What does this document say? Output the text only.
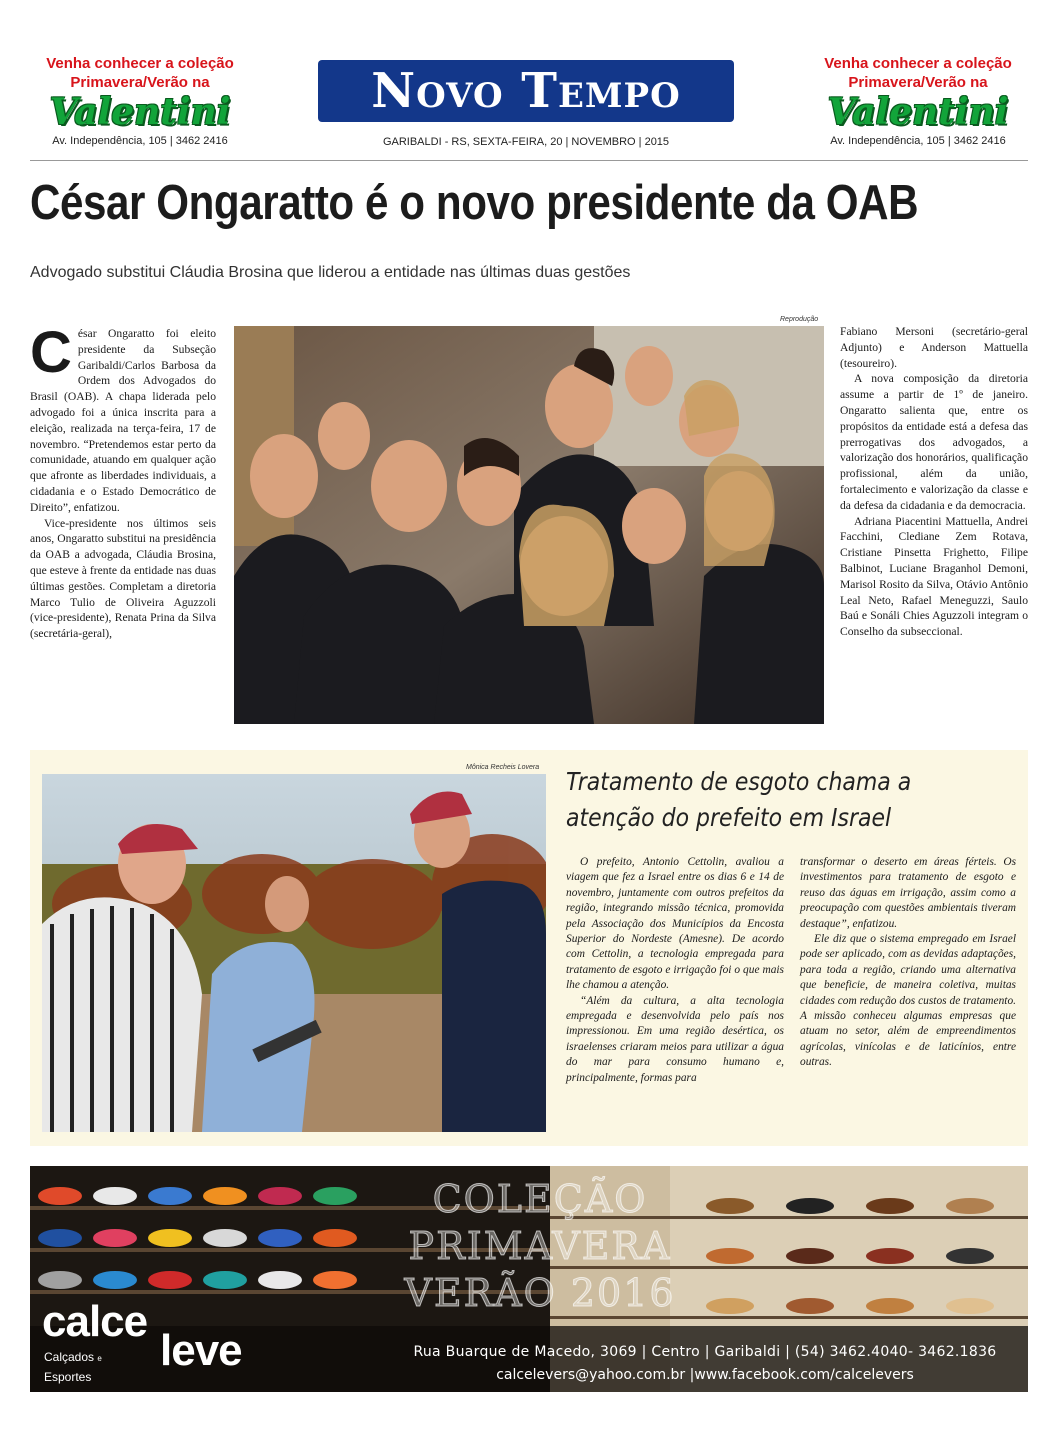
Venha conhecer a coleção
Primavera/Verão na
Valentini
Av. Independência, 105 | 3462 2416
Novo Tempo
GARIBALDI - RS, SEXTA-FEIRA, 20 | NOVEMBRO | 2015
Venha conhecer a coleção
Primavera/Verão na
Valentini
Av. Independência, 105 | 3462 2416
César Ongaratto é o novo presidente da OAB
Advogado substitui Cláudia Brosina que liderou a entidade nas últimas duas gestões

César Ongaratto foi eleito presidente da Subseção Garibaldi/Carlos Barbosa da Ordem dos Advogados do Brasil (OAB). A chapa liderada pelo advogado foi a única inscrita para a eleição, realizada na terça-feira, 17 de novembro. “Pretendemos estar perto da comunidade, atuando em qualquer ação que afronte as liberdades individuais, a cidadania e o Estado Democrático de Direito”, enfatizou.

Vice-presidente nos últimos seis anos, Ongaratto substitui na presidência da OAB a advogada, Cláudia Brosina, que esteve à frente da entidade nas duas últimas gestões. Completam a diretoria Marco Tulio de Oliveira Aguzzoli (vice-presidente), Renata Prina da Silva (secretária-geral),

Reprodução

Fabiano Mersoni (secretário-geral Adjunto) e Anderson Mattuella (tesoureiro).

A nova composição da diretoria assume a partir de 1º de janeiro. Ongaratto salienta que, entre os propósitos da entidade está a defesa das prerrogativas dos advogados, a valorização dos honorários, qualificação profissional, além da união, fortalecimento e valorização da classe e da defesa da cidadania e da democracia.

Adriana Piacentini Mattuella, Andrei Facchini, Clediane Zem Rotava, Cristiane Pinsetta Frighetto, Filipe Balbinot, Luciane Braganhol Demoni, Marisol Rosito da Silva, Otávio Antônio Leal Neto, Rafael Meneguzzi, Saulo Baú e Sonáli Chies Aguzzoli integram o Conselho da subseccional.

Mônica Recheis Lovera Tratamento de esgoto chama a
atenção do prefeito em Israel

O prefeito, Antonio Cettolin, avaliou a viagem que fez a Israel entre os dias 6 e 14 de novembro, juntamente com outros prefeitos da região, integrando missão técnica, promovida pela Associação dos Municípios da Encosta Superior do Nordeste (Amesne). De acordo com Cettolin, a tecnologia empregada para tratamento de esgoto e irrigação foi o que mais lhe chamou a atenção.

“Além da cultura, a alta tecnologia empregada e desenvolvida pelo país nos impressionou. Em uma região desértica, os israelenses criaram meios para utilizar a água do mar para consumo humano e, principalmente, formas para

transformar o deserto em áreas férteis. Os investimentos para tratamento de esgoto e reuso das águas em irrigação, assim como a preocupação com questões ambientais tiveram destaque”, enfatizou.

Ele diz que o sistema empregado em Israel pode ser aplicado, com as devidas adaptações, para toda a região, criando uma alternativa que beneficie, de maneira coletiva, muitas cidades com redução dos custos de tratamento. A missão conheceu algumas empresas que atuam no setor, além de empreendimentos agrícolas, vinícolas e de laticínios, entre outras.

COLEÇÃO
PRIMAVERA
VERÃO 2016
calce
leve
Calçados e
Esportes
Rua Buarque de Macedo, 3069 | Centro | Garibaldi | (54) 3462.4040- 3462.1836
calcelevers@yahoo.com.br |www.facebook.com/calcelevers
